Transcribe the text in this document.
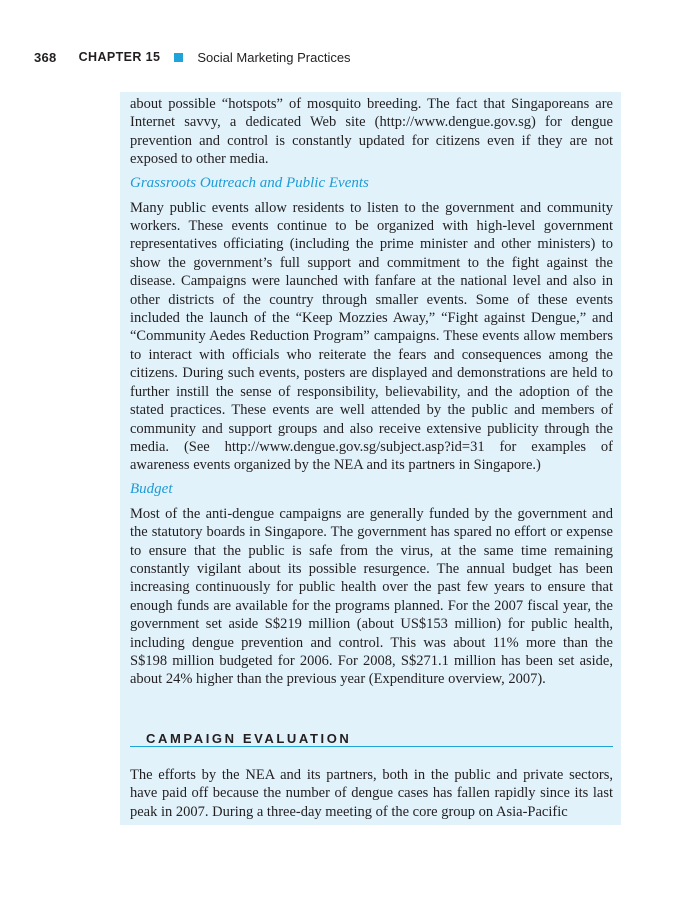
368 CHAPTER 15	Social Marketing Practices

about possible “hotspots” of mosquito breeding. The fact that Singaporeans are Internet savvy, a dedicated Web site (http://www.dengue.gov.sg) for dengue prevention and control is constantly updated for citizens even if they are not exposed to other media.

Grassroots Outreach and Public Events

Many public events allow residents to listen to the government and community workers. These events continue to be organized with high-level government representatives officiating (including the prime minister and other ministers) to show the government’s full support and commitment to the fight against the disease. Campaigns were launched with fanfare at the national level and also in other districts of the country through smaller events. Some of these events included the launch of the “Keep Mozzies Away,” “Fight against Dengue,” and “Community Aedes Reduction Program” campaigns. These events allow members to interact with officials who reiterate the fears and consequences among the citizens. During such events, posters are displayed and demonstrations are held to further instill the sense of responsibility, believability, and the adoption of the stated practices. These events are well attended by the public and members of community and support groups and also receive extensive publicity through the media. (See http://www.dengue.gov.sg/subject.asp?id=31 for examples of awareness events organized by the NEA and its partners in Singapore.)

Budget

Most of the anti-dengue campaigns are generally funded by the government and the statutory boards in Singapore. The government has spared no effort or expense to ensure that the public is safe from the virus, at the same time remaining constantly vigilant about its possible resurgence. The annual budget has been increasing continuously for public health over the past few years to ensure that enough funds are available for the programs planned. For the 2007 fiscal year, the government set aside S$219 million (about US$153 million) for public health, including dengue prevention and control. This was about 11% more than the S$198 million budgeted for 2006. For 2008, S$271.1 million has been set aside, about 24% higher than the previous year (Expenditure overview, 2007).

CAMPAIGN EVALUATION

The efforts by the NEA and its partners, both in the public and private sectors, have paid off because the number of dengue cases has fallen rapidly since its last peak in 2007. During a three-day meeting of the core group on Asia-Pacific
